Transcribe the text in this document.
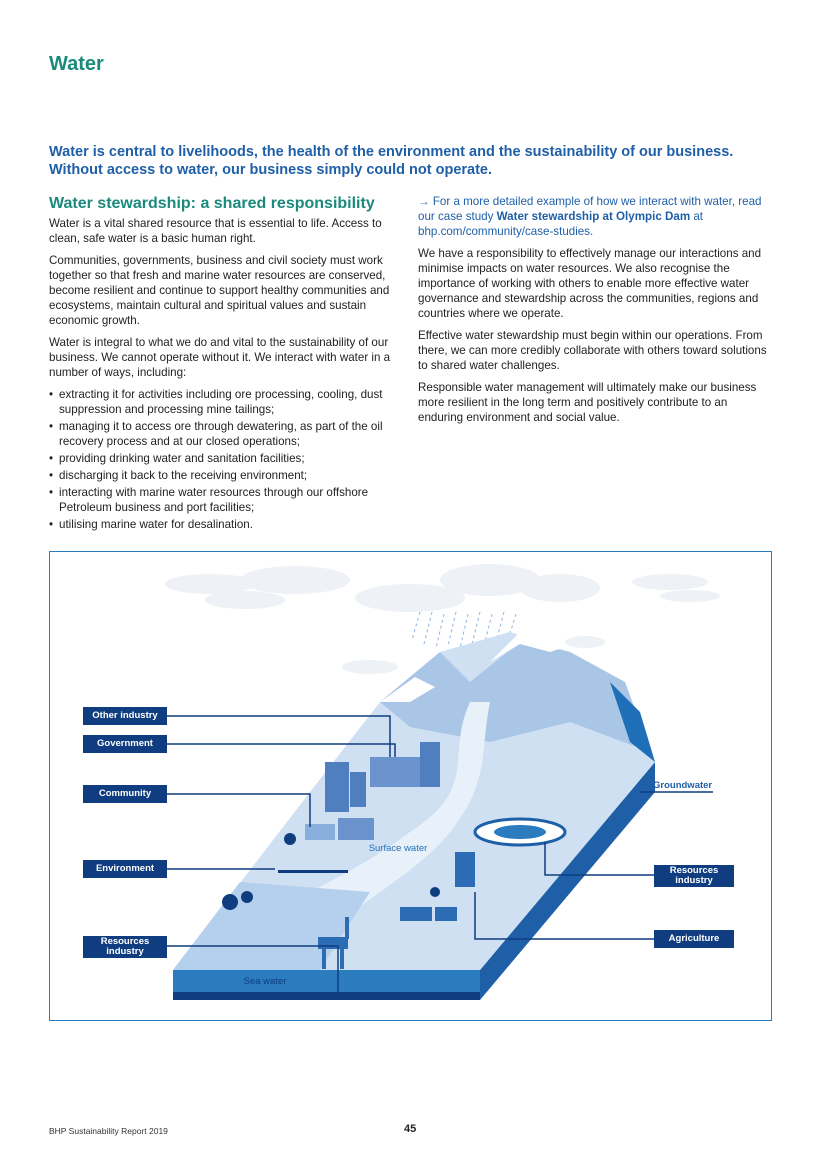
Water
Water is central to livelihoods, the health of the environment and the sustainability of our business. Without access to water, our business simply could not operate.
Water stewardship: a shared responsibility

Water is a vital shared resource that is essential to life. Access to clean, safe water is a basic human right.

Communities, governments, business and civil society must work together so that fresh and marine water resources are conserved, become resilient and continue to support healthy communities and ecosystems, maintain cultural and spiritual values and sustain economic growth.

Water is integral to what we do and vital to the sustainability of our business. We cannot operate without it. We interact with water in a number of ways, including:

• extracting it for activities including ore processing, cooling, dust suppression and processing mine tailings;
• managing it to access ore through dewatering, as part of the oil recovery process and at our closed operations;
• providing drinking water and sanitation facilities;
• discharging it back to the receiving environment;
• interacting with marine water resources through our offshore Petroleum business and port facilities;
• utilising marine water for desalination.

→ For a more detailed example of how we interact with water, read our case study Water stewardship at Olympic Dam at bhp.com/community/case-studies.

We have a responsibility to effectively manage our interactions and minimise impacts on water resources. We also recognise the importance of working with others to enable more effective water governance and stewardship across the communities, regions and countries where we operate.

Effective water stewardship must begin within our operations. From there, we can more credibly collaborate with others toward solutions to shared water challenges.

Responsible water management will ultimately make our business more resilient in the long term and positively contribute to an enduring environment and social value.

Other industry
Government
Community
Environment
Resources industry
Groundwater
Resources industry
Agriculture
Surface water
Sea water
BHP Sustainability Report 2019	45
